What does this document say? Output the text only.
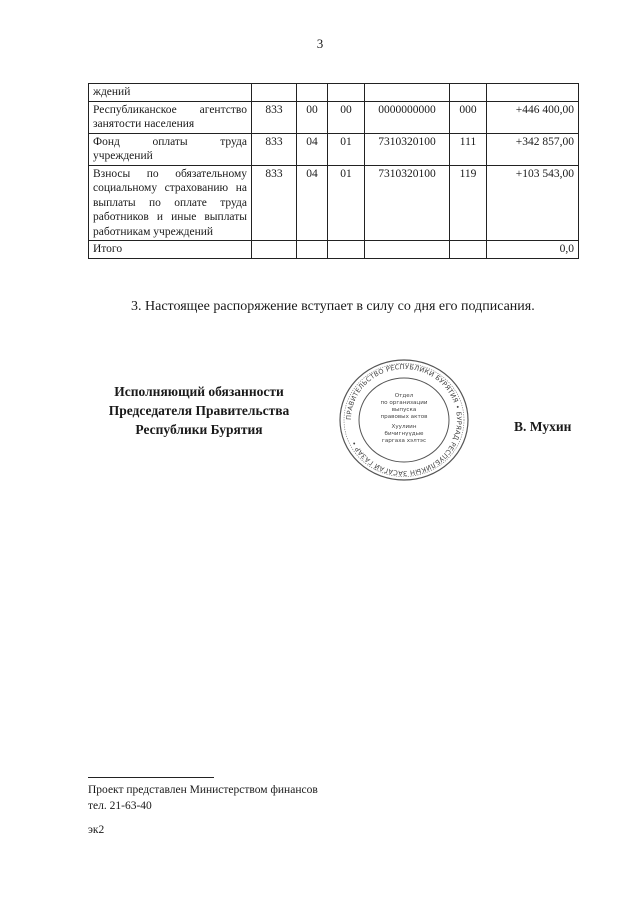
3
ждений						
Республиканское агентство занятости населения	833	00	00	0000000000	000	+446 400,00
Фонд оплаты труда учреждений	833	04	01	7310320100	111	+342 857,00
Взносы по обязательному социальному страхованию на выплаты по оплате труда работников и иные выплаты работникам учреждений	833	04	01	7310320100	119	+103 543,00
Итого						0,0
3. Настоящее распоряжение вступает в силу со дня его подписания.
Исполняющий обязанности
Председателя Правительства
Республики Бурятия
ПРАВИТЕЛЬСТВО РЕСПУБЛИКИ БУРЯТИЯ • БУРЯАД РЕСПУБЛИКЫН ЗАСАГАЙ ГАЗАР •
Отдел
по организации
выпуска
правовых актов
Хуулиин
бичигнүүдые
гаргаха хэлтэс
В. Мухин
Проект представлен Министерством финансов
тел. 21-63-40
эк2
